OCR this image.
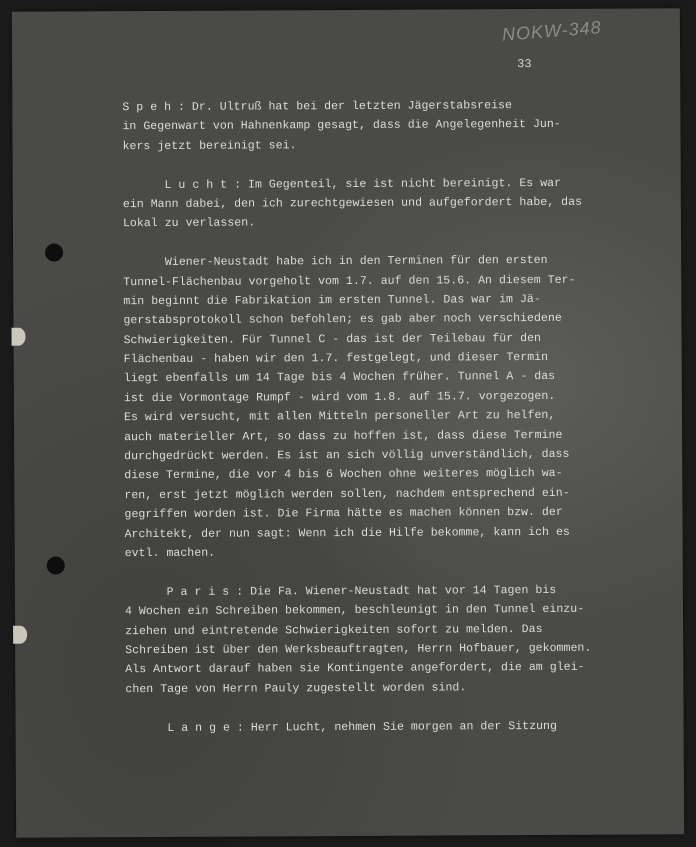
NOKW-348
33
S p e h : Dr. Ultruß hat bei der letzten Jägerstabsreise
in Gegenwart von Hahnenkamp gesagt, dass die Angelegenheit Jun-
kers jetzt bereinigt sei.
L u c h t : Im Gegenteil, sie ist nicht bereinigt. Es war
ein Mann dabei, den ich zurechtgewiesen und aufgefordert habe, das
Lokal zu verlassen.
Wiener-Neustadt habe ich in den Terminen für den ersten
Tunnel-Flächenbau vorgeholt vom 1.7. auf den 15.6. An diesem Ter-
min beginnt die Fabrikation im ersten Tunnel. Das war im Jä-
gerstabsprotokoll schon befohlen; es gab aber noch verschiedene
Schwierigkeiten. Für Tunnel C - das ist der Teilebau für den
Flächenbau - haben wir den 1.7. festgelegt, und dieser Termin
liegt ebenfalls um 14 Tage bis 4 Wochen früher. Tunnel A - das
ist die Vormontage Rumpf - wird vom 1.8. auf 15.7. vorgezogen.
Es wird versucht, mit allen Mitteln personeller Art zu helfen,
auch materieller Art, so dass zu hoffen ist, dass diese Termine
durchgedrückt werden. Es ist an sich völlig unverständlich, dass
diese Termine, die vor 4 bis 6 Wochen ohne weiteres möglich wa-
ren, erst jetzt möglich werden sollen, nachdem entsprechend ein-
gegriffen worden ist. Die Firma hätte es machen können bzw. der
Architekt, der nun sagt: Wenn ich die Hilfe bekomme, kann ich es
evtl. machen.
P a r i s : Die Fa. Wiener-Neustadt hat vor 14 Tagen bis
4 Wochen ein Schreiben bekommen, beschleunigt in den Tunnel einzu-
ziehen und eintretende Schwierigkeiten sofort zu melden. Das
Schreiben ist über den Werksbeauftragten, Herrn Hofbauer, gekommen.
Als Antwort darauf haben sie Kontingente angefordert, die am glei-
chen Tage von Herrn Pauly zugestellt worden sind.
L a n g e : Herr Lucht, nehmen Sie morgen an der Sitzung
